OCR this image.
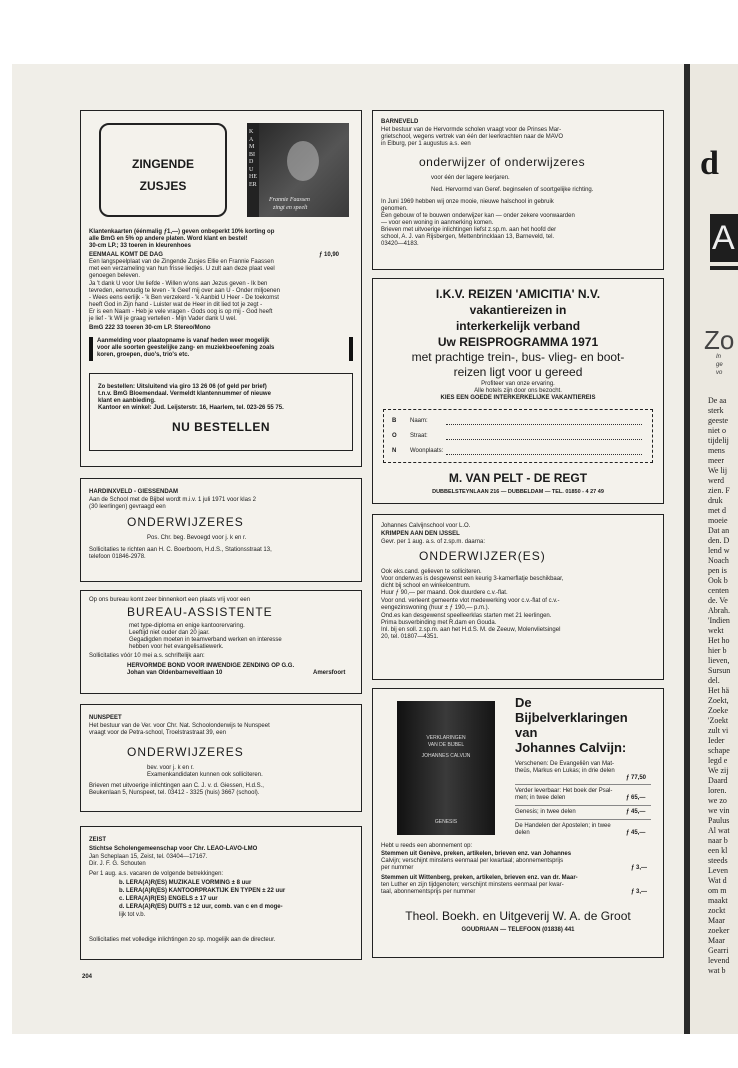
d
A
Zo
In
ge
vo
De aa
sterk
geeste
niet o
tijdelij
mens
meer
We lij
werd
zien. F
druk
met d
moeie
Dat an
den. D
lend w
Noach
pen is
Ook b
centen
de. Ve
Abrah.
'Indien
wekt
Het ho
hier b
lieven,
Sursun
del.
Het hä
Zoekt,
Zoeke
'Zoekt
zult vi
Ieder
schape
legd e
We zij
Daard
loren.
we zo
we vin
Paulus
Al wat
naar b
een kl
steeds
Leven
Wat d
om m
maakt
zockt
Maar
zoeker
Maar
Gearri
levend
wat b
ZINGENDE
ZUSJES
KAMBIDUHEER
Frannie Faassen
zingt en speelt
Klantenkaarten (éénmalig ƒ1,—) geven onbeperkt 10% korting op
alle BmG en 5% op andere platen. Word klant en bestel!
30-cm LP.; 33 toeren in kleurenhoes
EENMAAL KOMT DE DAG	ƒ 10,90
Een langspeelplaat van de Zingende Zusjes Ellie en Frannie Faassen
met een verzameling van hun frisse liedjes. U zult aan deze plaat veel
genoegen beleven.
Ja 't dank U voor Uw liefde - Willen w'ons aan Jezus geven - Ik ben
tevreden, eenvoudig te leven - 'k Geef mij over aan U - Onder miljoenen
- Wees eens eerlijk - 'k Ben verzekerd - 'k Aanbid U Heer - De toekomst
heeft God in Zijn hand - Luister wat de Heer in dit lied tot je zegt -
Er is een Naam - Heb je vele vragen - Gods oog is op mij - God heeft
je lief - 'k Wil je graag vertellen - Mijn Vader dank U wel.
BmG 222 33 toeren 30-cm LP. Stereo/Mono
Aanmelding voor plaatopname is vanaf heden weer mogelijk
voor alle soorten geestelijke zang- en muziekbeoefening zoals
koren, groepen, duo's, trio's etc.
Zo bestellen: Uitsluitend via giro 13 26 06 (of geld per brief)
t.n.v. BmG Bloemendaal. Vermeldt klantennummer of nieuwe
klant en aanbieding.
Kantoor en winkel: Jud. Leijsterstr. 16, Haarlem, tel. 023-26 55 75.
NU BESTELLEN
HARDINXVELD - GIESSENDAM
Aan de School met de Bijbel wordt m.i.v. 1 juli 1971 voor klas 2
(30 leerlingen) gevraagd een
ONDERWIJZERES
Pos. Chr. beg. Bevoegd voor j. k en r.
Sollicitaties te richten aan H. C. Boerboom, H.d.S., Stationsstraat 13,
telefoon 01846-2978.
Op ons bureau komt zeer binnenkort een plaats vrij voor een
BUREAU-ASSISTENTE
met type-diploma en enige kantoorervaring.
Leeftijd niet ouder dan 20 jaar.
Gegadigden moeten in teamverband werken en interesse
hebben voor het evangelisatiewerk.
Sollicitaties vóór 10 mei a.s. schriftelijk aan:
HERVORMDE BOND VOOR INWENDIGE ZENDING OP G.G.
Johan van Oldenbarneveltlaan 10	Amersfoort
NUNSPEET
Het bestuur van de Ver. voor Chr. Nat. Schoolonderwijs te Nunspeet
vraagt voor de Petra-school, Troelstrastraat 39, een
ONDERWIJZERES
bev. voor j. k en r.
Examenkandidaten kunnen ook solliciteren.
Brieven met uitvoerige inlichtingen aan C. J. v. d. Giessen, H.d.S.,
Beukenlaan 5, Nunspeet, tel. 03412 - 3325 (huis) 3667 (school).
ZEIST
Stichtse Scholengemeenschap voor Chr. LEAO-LAVO-LMO
Jan Scheplaan 15, Zeist, tel. 03404—17167.
Dir. J. F. G. Schouten
Per 1 aug. a.s. vacaren de volgende betrekkingen:
b. LERA(A)R(ES) MUZIKALE VORMING ± 8 uur
b. LERA(A)R(ES) KANTOORPRAKTIJK EN TYPEN ± 22 uur
c. LERA(A)R(ES) ENGELS ± 17 uur
d. LERA(A)R(ES) DUITS ± 12 uur, comb. van c en d moge-
lijk tot v.b.
Sollicitaties met volledige inlichtingen zo sp. mogelijk aan de directeur.
204
BARNEVELD
Het bestuur van de Hervormde scholen vraagt voor de Prinses Mar-
grietschool, wegens vertrek van één der leerkrachten naar de MAVO
in Elburg, per 1 augustus a.s. een
onderwijzer of onderwijzeres
voor één der lagere leerjaren.
Ned. Hervormd van Geref. beginselen of soortgelijke richting.
In Juni 1969 hebben wij onze mooie, nieuwe halschool in gebruik
genomen.
Een gebouw of te bouwen onderwijzer kan — onder zekere voorwaarden
— voor een woning in aanmerking komen.
Brieven met uitvoerige inlichtingen liefst z.sp.m. aan het hoofd der
school, A. J. van Rijsbergen, Mettenbrincklaan 13, Barneveld, tel.
03420—4183.
I.K.V. REIZEN 'AMICITIA' N.V.
vakantiereizen in
interkerkelijk verband
Uw REISPROGRAMMA 1971
met prachtige trein-, bus- vlieg- en boot-
reizen ligt voor u gereed
Profiteer van onze ervaring.
Alle hotels zijn door ons bezocht.
KIES EEN GOEDE INTERKERKELIJKE VAKANTIEREIS
B Naam:
O Straat:
N Woonplaats:
M. VAN PELT - DE REGT
DUBBELSTEYNLAAN 216 — DUBBELDAM — TEL. 01850 - 4 27 49
Johannes Calvijnschool voor L.O.
KRIMPEN AAN DEN IJSSEL
Gevr. per 1 aug. a.s. of z.sp.m. daarna:
ONDERWIJZER(ES)
Ook eks.cand. gelieven te solliciteren.
Voor onderw.es is desgewenst een keurig 3-kamerflatje beschikbaar,
dicht bij school en winkelcentrum.
Huur ƒ 90,— per maand. Ook duurdere c.v.-flat.
Voor ond. verleent gemeente vlot medewerking voor c.v.-flat of c.v.-
eengezinswoning (huur ± ƒ 190,— p.m.).
Ond.es kan desgewenst speelleerklas starten met 21 leerlingen.
Prima busverbinding met R.dam en Gouda.
Inl. bij en soll. z.sp.m. aan het H.d.S. M. de Zeeuw, Molenvlietsingel
20, tel. 01807—4351.
VERKLARINGEN
VAN DE BIJBEL
JOHANNES CALVIJN
GENESIS
De
Bijbelverklaringen
van
Johannes Calvijn:
Verschenen: De Evangeliën van Mat-
theüs, Markus en Lukas; in drie delen
ƒ 77,50
Verder leverbaar: Het boek der Psal-
men; in twee delen	ƒ 65,—
Genesis; in twee delen	ƒ 45,—
De Handelen der Apostelen; in twee
delen	ƒ 45,—
Hebt u reeds een abonnement op:
Stemmen uit Genève, preken, artikelen, brieven enz. van Johannes
Calvijn; verschijnt minstens eenmaal per kwartaal; abonnementsprijs
per nummer	ƒ 3,—
Stemmen uit Wittenberg, preken, artikelen, brieven enz. van dr. Maar-
ten Luther en zijn tijdgenoten; verschijnt minstens eenmaal per kwar-
taal, abonnementsprijs per nummer	ƒ 3,—
Theol. Boekh. en Uitgeverij W. A. de Groot
GOUDRIAAN — TELEFOON (01838) 441
